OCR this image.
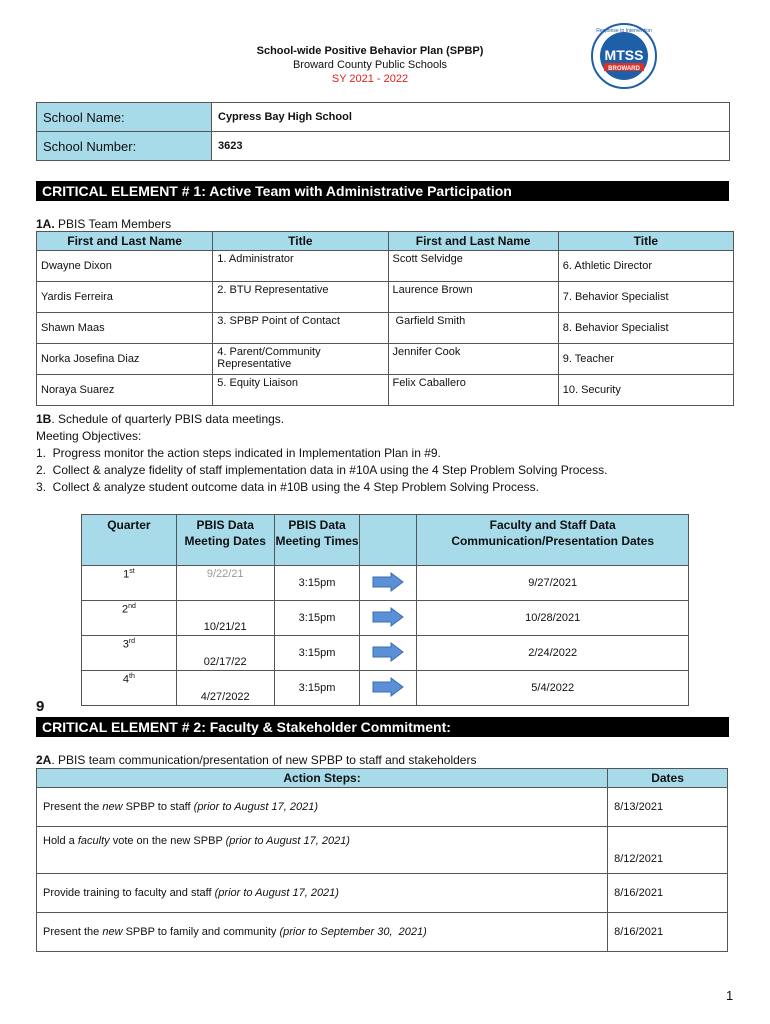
School-wide Positive Behavior Plan (SPBP)
Broward County Public Schools
SY 2021 - 2022
MTSS
BROWARD
Response to Intervention
School Name:	Cypress Bay High School
School Number:	3623
CRITICAL ELEMENT # 1: Active Team with Administrative Participation
1A. PBIS Team Members
First and Last Name	Title	First and Last Name	Title
Dwayne Dixon	1. Administrator	Scott Selvidge	6. Athletic Director
Yardis Ferreira	2. BTU Representative	Laurence Brown	7. Behavior Specialist
Shawn Maas	3. SPBP Point of Contact	Garfield Smith	8. Behavior Specialist
Norka Josefina Diaz	4. Parent/Community Representative	Jennifer Cook	9. Teacher
Noraya Suarez	5. Equity Liaison	Felix Caballero	10. Security
1B. Schedule of quarterly PBIS data meetings.
Meeting Objectives:
1.  Progress monitor the action steps indicated in Implementation Plan in #9.
2.  Collect & analyze fidelity of staff implementation data in #10A using the 4 Step Problem Solving Process.
3.  Collect & analyze student outcome data in #10B using the 4 Step Problem Solving Process.
Quarter	PBIS Data Meeting Dates	PBIS Data Meeting Times		Faculty and Staff Data Communication/Presentation Dates
1st	9/22/21	3:15pm		9/27/2021
2nd	10/21/21	3:15pm		10/28/2021
3rd	02/17/22	3:15pm		2/24/2022
4th	4/27/2022	3:15pm		5/4/2022
9
CRITICAL ELEMENT # 2: Faculty & Stakeholder Commitment:
2A. PBIS team communication/presentation of new SPBP to staff and stakeholders
Action Steps:	Dates
Present the new SPBP to staff (prior to August 17, 2021)	8/13/2021
Hold a faculty vote on the new SPBP (prior to August 17, 2021)	8/12/2021
Provide training to faculty and staff (prior to August 17, 2021)	8/16/2021
Present the new SPBP to family and community (prior to September 30,  2021)	8/16/2021
1
